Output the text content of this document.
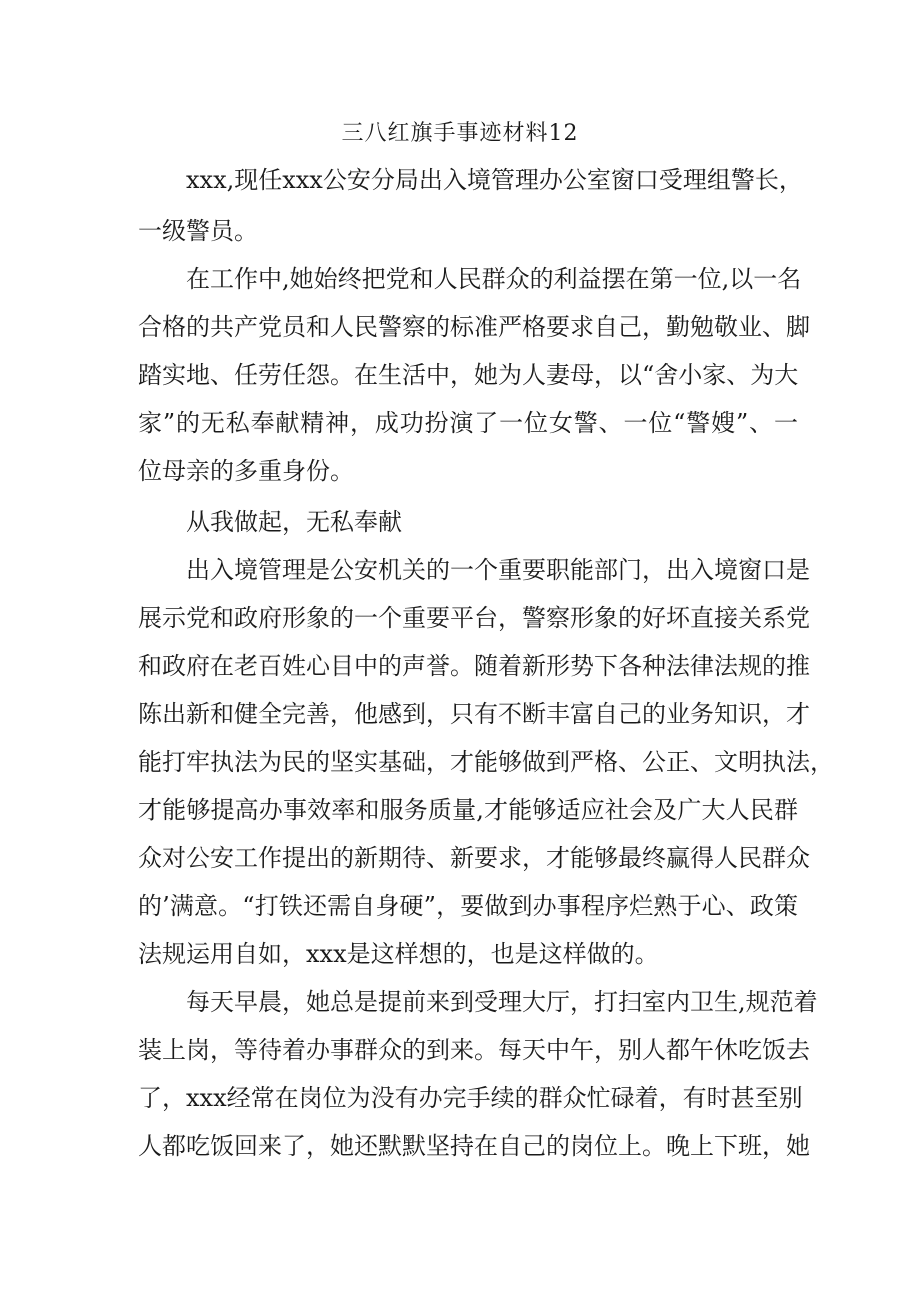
三八红旗手事迹材料12

xxx,现任xxx公安分局出入境管理办公室窗口受理组警长，

一级警员。

在工作中,她始终把党和人民群众的利益摆在第一位,以一名

合格的共产党员和人民警察的标准严格要求自己，勤勉敬业、脚

踏实地、任劳任怨。在生活中，她为人妻母，以“舍小家、为大

家”的无私奉献精神，成功扮演了一位女警、一位“警嫂”、一

位母亲的多重身份。

从我做起，无私奉献

出入境管理是公安机关的一个重要职能部门，出入境窗口是

展示党和政府形象的一个重要平台，警察形象的好坏直接关系党

和政府在老百姓心目中的声誉。随着新形势下各种法律法规的推

陈出新和健全完善，他感到，只有不断丰富自己的业务知识，才

能打牢执法为民的坚实基础，才能够做到严格、公正、文明执法，

才能够提高办事效率和服务质量,才能够适应社会及广大人民群

众对公安工作提出的新期待、新要求，才能够最终赢得人民群众

的’满意。“打铁还需自身硬”，要做到办事程序烂熟于心、政策

法规运用自如，xxx是这样想的，也是这样做的。

每天早晨，她总是提前来到受理大厅，打扫室内卫生,规范着

装上岗，等待着办事群众的到来。每天中午，别人都午休吃饭去

了，xxx经常在岗位为没有办完手续的群众忙碌着，有时甚至别

人都吃饭回来了，她还默默坚持在自己的岗位上。晚上下班，她
